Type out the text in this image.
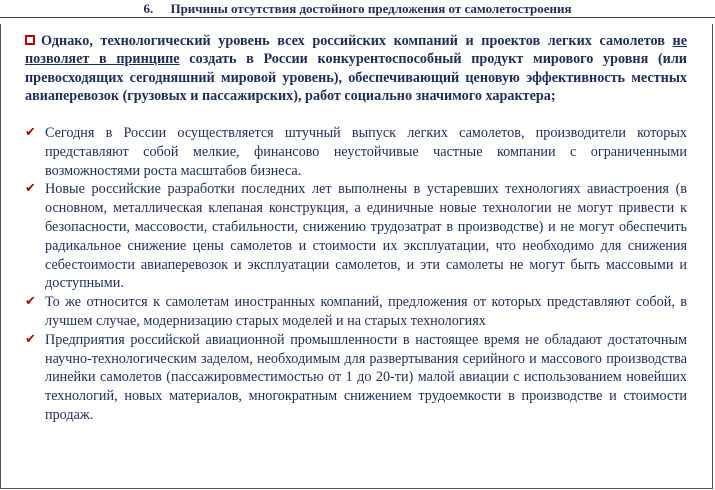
6. Причины отсутствия достойного предложения от самолетостроения
Однако, технологический уровень всех российских компаний и проектов легких самолетов не позволяет в принципе создать в России конкурентоспособный продукт мирового уровня (или превосходящих сегодняшний мировой уровень), обеспечивающий ценовую эффективность местных авиаперевозок (грузовых и пассажирских), работ социально значимого характера;
✔ Сегодня в России осуществляется штучный выпуск легких самолетов, производители которых представляют собой мелкие, финансово неустойчивые частные компании с ограниченными возможностями роста масштабов бизнеса.
✔ Новые российские разработки последних лет выполнены в устаревших технологиях авиастроения (в основном, металлическая клепаная конструкция, а единичные новые технологии не могут привести к безопасности, массовости, стабильности, снижению трудозатрат в производстве) и не могут обеспечить радикальное снижение цены самолетов и стоимости их эксплуатации, что необходимо для снижения себестоимости авиаперевозок и эксплуатации самолетов, и эти самолеты не могут быть массовыми и доступными.
✔ То же относится к самолетам иностранных компаний, предложения от которых представляют собой, в лучшем случае, модернизацию старых моделей и на старых технологиях
✔ Предприятия российской авиационной промышленности в настоящее время не обладают достаточным научно-технологическим заделом, необходимым для развертывания серийного и массового производства линейки самолетов (пассажировместимостью от 1 до 20-ти) малой авиации с использованием новейших технологий, новых материалов, многократным снижением трудоемкости в производстве и стоимости продаж.
